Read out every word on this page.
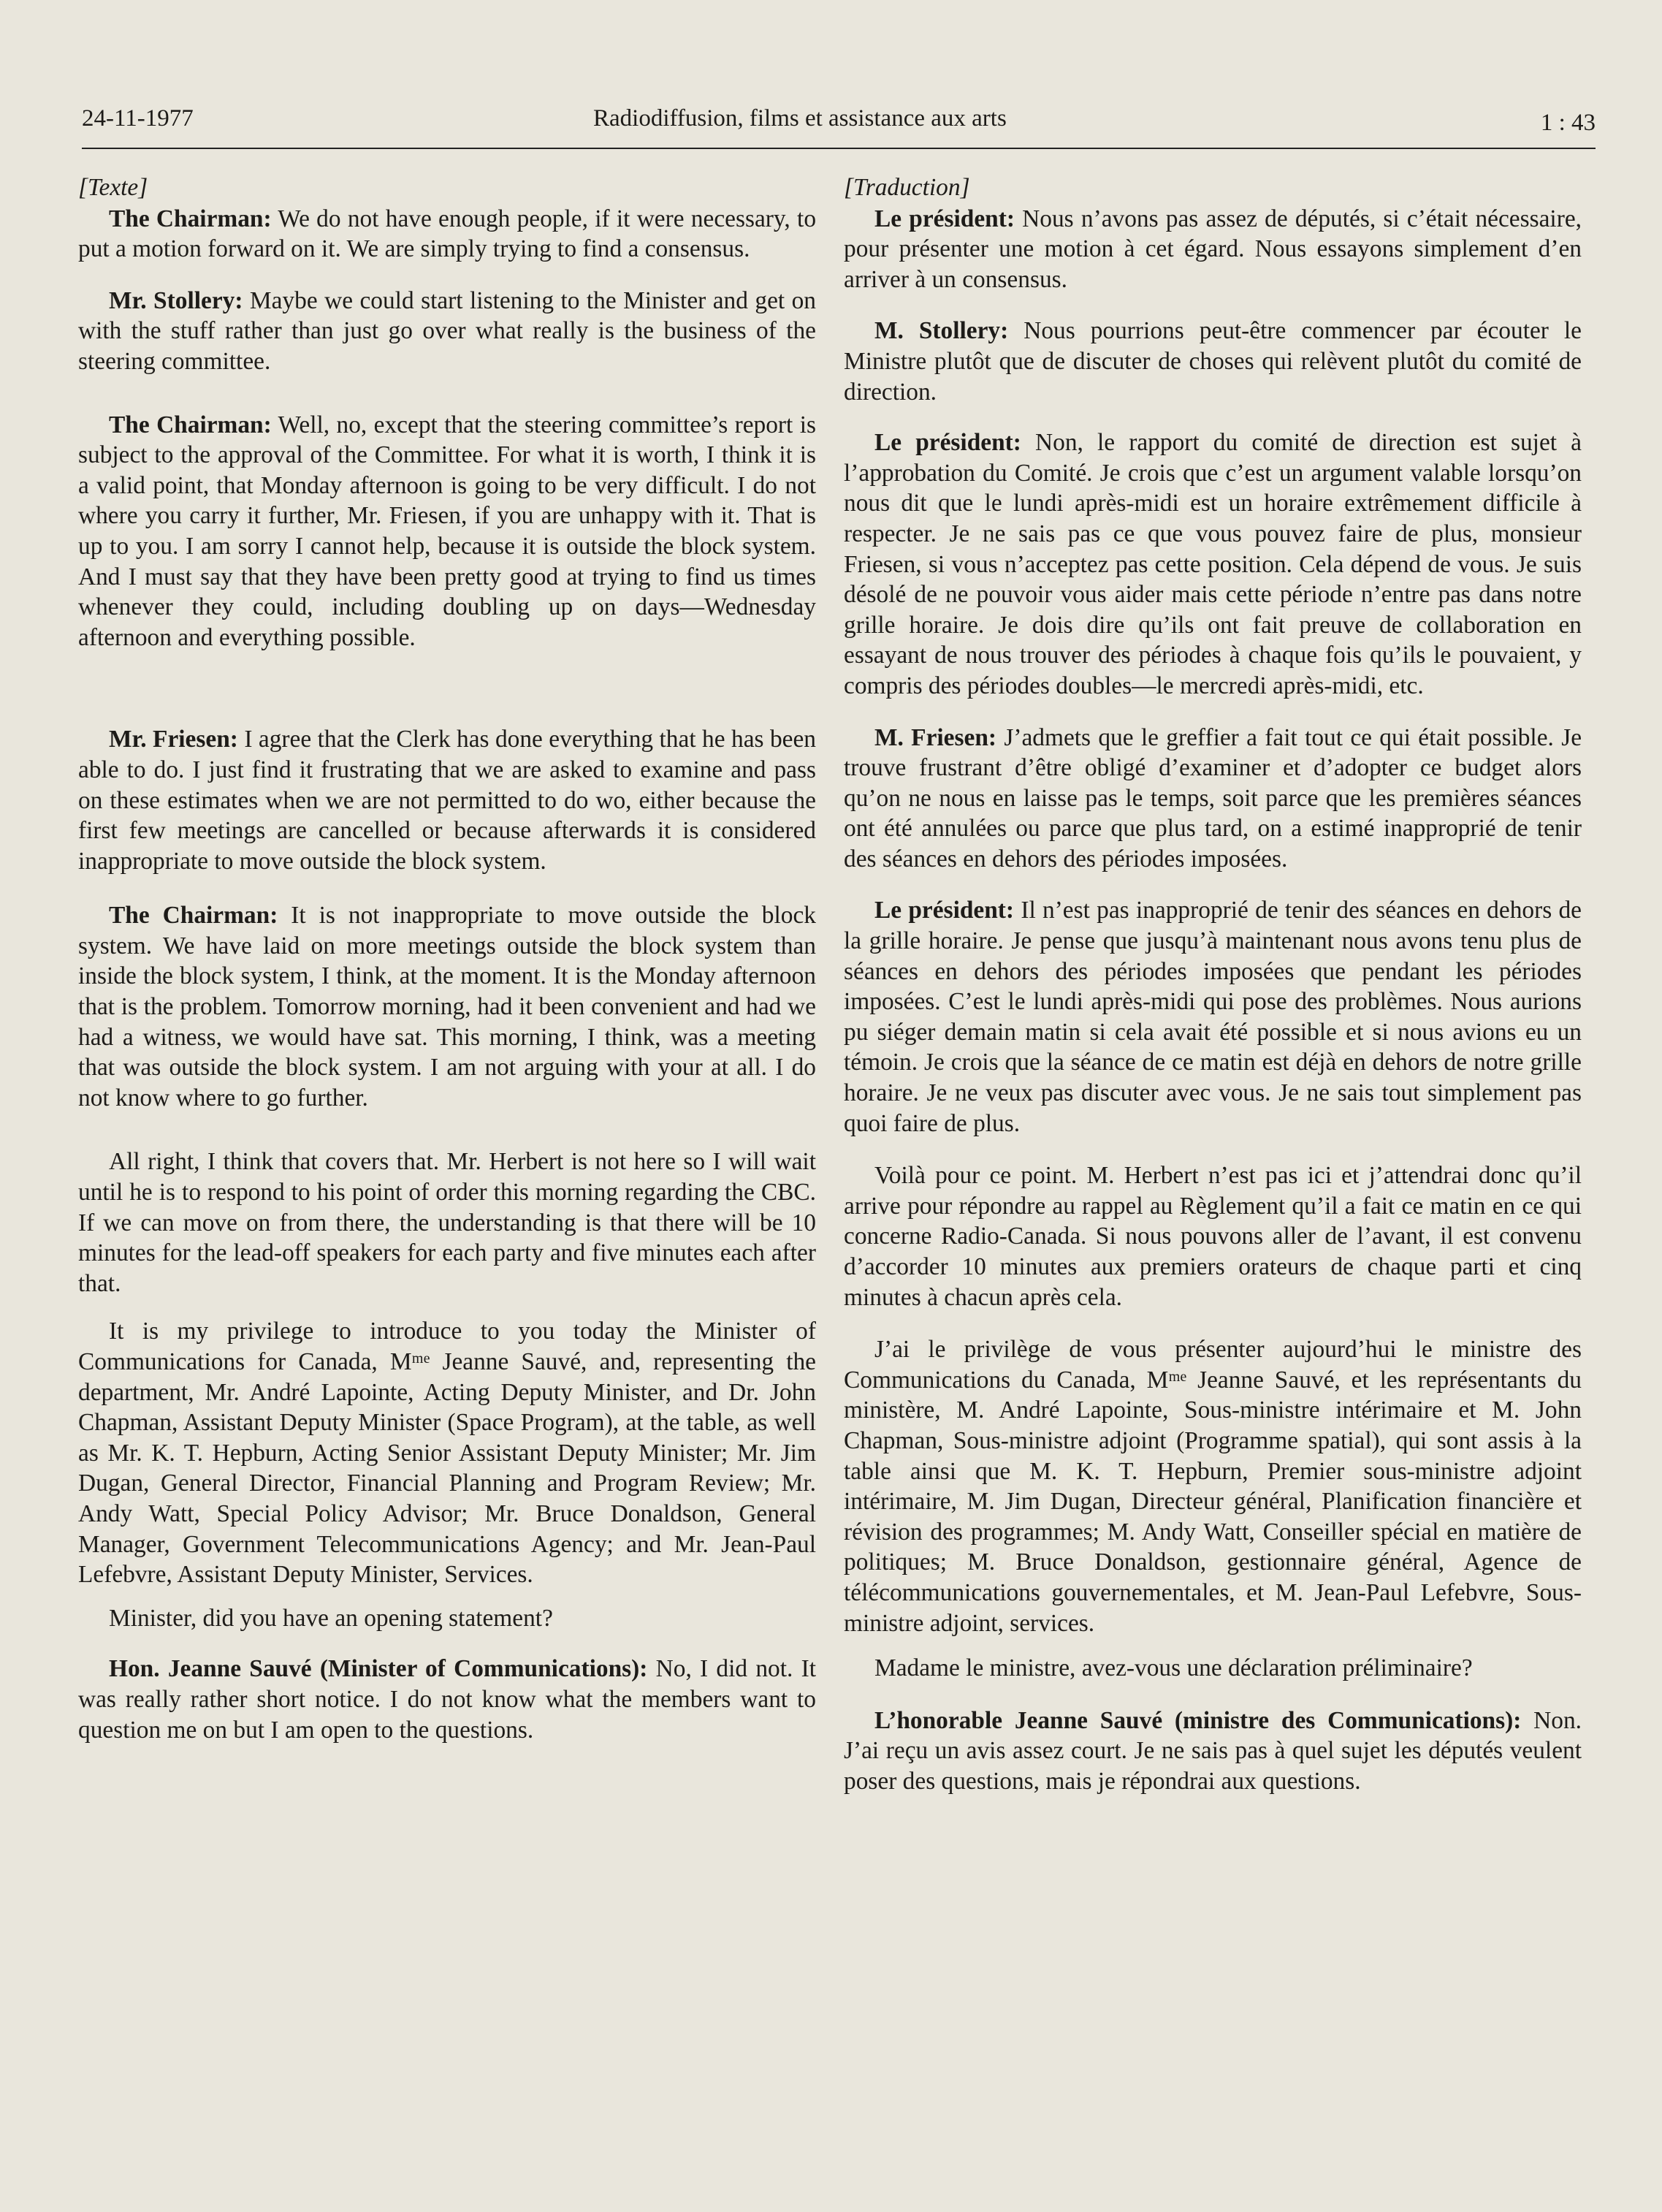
24-11-1977	Radiodiffusion, films et assistance aux arts	1 : 43
[Texte]

The Chairman: We do not have enough people, if it were necessary, to put a motion forward on it. We are simply trying to find a consensus.

Mr. Stollery: Maybe we could start listening to the Minister and get on with the stuff rather than just go over what really is the business of the steering committee.

The Chairman: Well, no, except that the steering committee’s report is subject to the approval of the Committee. For what it is worth, I think it is a valid point, that Monday afternoon is going to be very difficult. I do not where you carry it further, Mr. Friesen, if you are unhappy with it. That is up to you. I am sorry I cannot help, because it is outside the block system. And I must say that they have been pretty good at trying to find us times whenever they could, including doubling up on days—Wednesday afternoon and everything possible.

Mr. Friesen: I agree that the Clerk has done everything that he has been able to do. I just find it frustrating that we are asked to examine and pass on these estimates when we are not permitted to do wo, either because the first few meetings are cancelled or because afterwards it is considered inappropriate to move outside the block system.

The Chairman: It is not inappropriate to move outside the block system. We have laid on more meetings outside the block system than inside the block system, I think, at the moment. It is the Monday afternoon that is the problem. Tomorrow morning, had it been convenient and had we had a witness, we would have sat. This morning, I think, was a meeting that was outside the block system. I am not arguing with your at all. I do not know where to go further.

All right, I think that covers that. Mr. Herbert is not here so I will wait until he is to respond to his point of order this morning regarding the CBC. If we can move on from there, the understanding is that there will be 10 minutes for the lead-off speakers for each party and five minutes each after that.

It is my privilege to introduce to you today the Minister of Communications for Canada, Mᵐᵉ Jeanne Sauvé, and, representing the department, Mr. André Lapointe, Acting Deputy Minister, and Dr. John Chapman, Assistant Deputy Minister (Space Program), at the table, as well as Mr. K. T. Hepburn, Acting Senior Assistant Deputy Minister; Mr. Jim Dugan, General Director, Financial Planning and Program Review; Mr. Andy Watt, Special Policy Advisor; Mr. Bruce Donaldson, General Manager, Government Telecommunications Agency; and Mr. Jean-Paul Lefebvre, Assistant Deputy Minister, Services.

Minister, did you have an opening statement?

Hon. Jeanne Sauvé (Minister of Communications): No, I did not. It was really rather short notice. I do not know what the members want to question me on but I am open to the questions.

[Traduction]

Le président: Nous n’avons pas assez de députés, si c’était nécessaire, pour présenter une motion à cet égard. Nous essayons simplement d’en arriver à un consensus.

M. Stollery: Nous pourrions peut-être commencer par écouter le Ministre plutôt que de discuter de choses qui relèvent plutôt du comité de direction.

Le président: Non, le rapport du comité de direction est sujet à l’approbation du Comité. Je crois que c’est un argument valable lorsqu’on nous dit que le lundi après-midi est un horaire extrêmement difficile à respecter. Je ne sais pas ce que vous pouvez faire de plus, monsieur Friesen, si vous n’acceptez pas cette position. Cela dépend de vous. Je suis désolé de ne pouvoir vous aider mais cette période n’entre pas dans notre grille horaire. Je dois dire qu’ils ont fait preuve de collaboration en essayant de nous trouver des périodes à chaque fois qu’ils le pouvaient, y compris des périodes doubles—le mercredi après-midi, etc.

M. Friesen: J’admets que le greffier a fait tout ce qui était possible. Je trouve frustrant d’être obligé d’examiner et d’adopter ce budget alors qu’on ne nous en laisse pas le temps, soit parce que les premières séances ont été annulées ou parce que plus tard, on a estimé inapproprié de tenir des séances en dehors des périodes imposées.

Le président: Il n’est pas inapproprié de tenir des séances en dehors de la grille horaire. Je pense que jusqu’à maintenant nous avons tenu plus de séances en dehors des périodes imposées que pendant les périodes imposées. C’est le lundi après-midi qui pose des problèmes. Nous aurions pu siéger demain matin si cela avait été possible et si nous avions eu un témoin. Je crois que la séance de ce matin est déjà en dehors de notre grille horaire. Je ne veux pas discuter avec vous. Je ne sais tout simplement pas quoi faire de plus.

Voilà pour ce point. M. Herbert n’est pas ici et j’attendrai donc qu’il arrive pour répondre au rappel au Règlement qu’il a fait ce matin en ce qui concerne Radio-Canada. Si nous pouvons aller de l’avant, il est convenu d’accorder 10 minutes aux premiers orateurs de chaque parti et cinq minutes à chacun après cela.

J’ai le privilège de vous présenter aujourd’hui le ministre des Communications du Canada, Mᵐᵉ Jeanne Sauvé, et les représentants du ministère, M. André Lapointe, Sous-ministre intérimaire et M. John Chapman, Sous-ministre adjoint (Programme spatial), qui sont assis à la table ainsi que M. K. T. Hepburn, Premier sous-ministre adjoint intérimaire, M. Jim Dugan, Directeur général, Planification financière et révision des programmes; M. Andy Watt, Conseiller spécial en matière de politiques; M. Bruce Donaldson, gestionnaire général, Agence de télécommunications gouvernementales, et M. Jean-Paul Lefebvre, Sous-ministre adjoint, services.

Madame le ministre, avez-vous une déclaration préliminaire?

L’honorable Jeanne Sauvé (ministre des Communications): Non. J’ai reçu un avis assez court. Je ne sais pas à quel sujet les députés veulent poser des questions, mais je répondrai aux questions.
